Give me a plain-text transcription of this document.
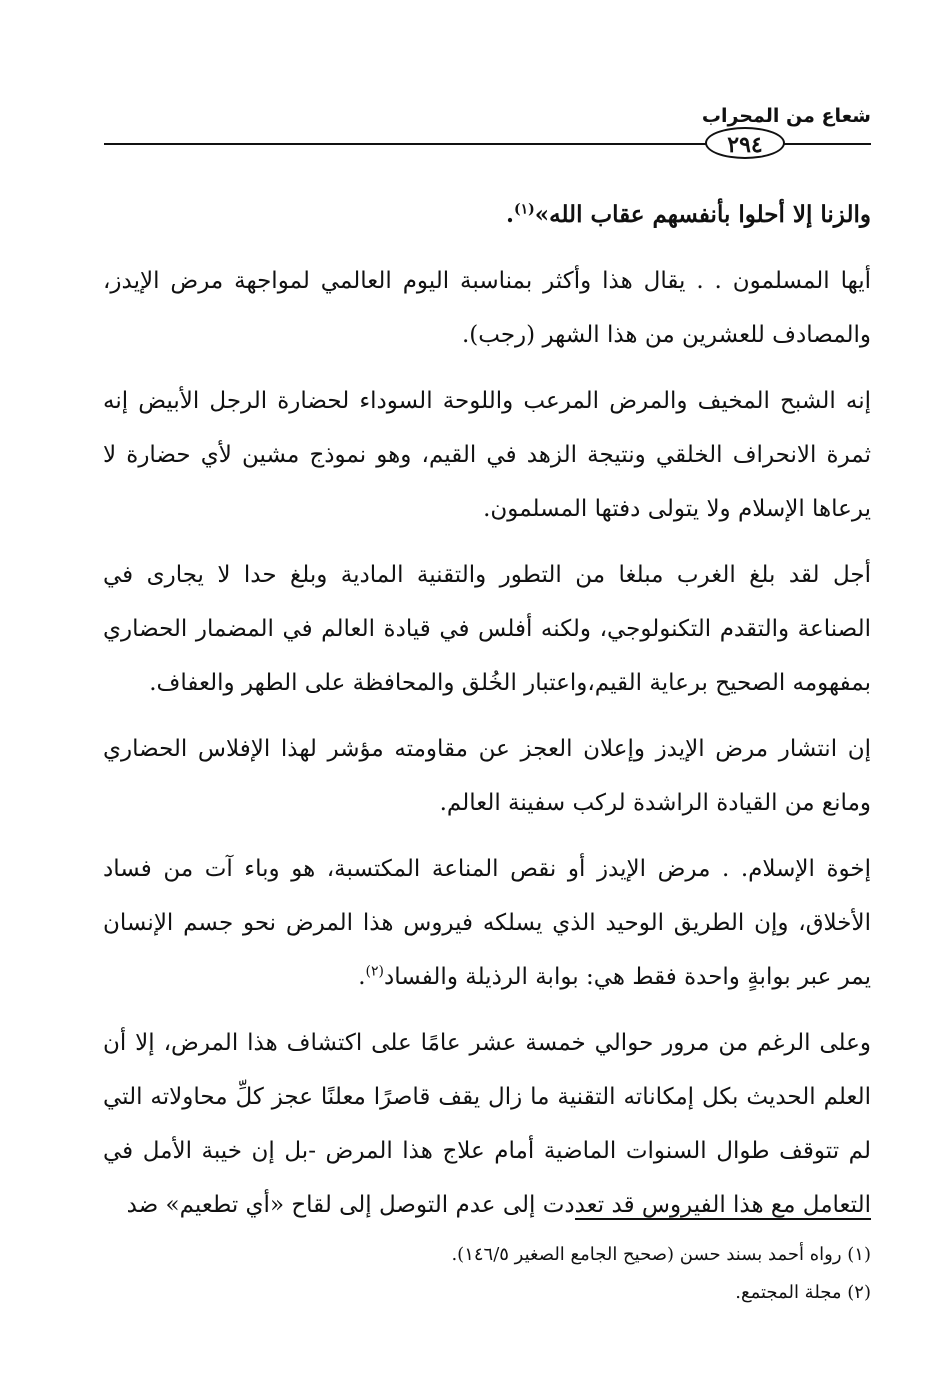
شعاع من المحراب
٢٩٤

والزنا إلا أحلوا بأنفسهم عقاب الله»$^{(١)}$.

أيها المسلمون . . يقال هذا وأكثر بمناسبة اليوم العالمي لمواجهة مرض الإيدز، والمصادف للعشرين من هذا الشهر (رجب).

إنه الشبح المخيف والمرض المرعب واللوحة السوداء لحضارة الرجل الأبيض إنه ثمرة الانحراف الخلقي ونتيجة الزهد في القيم، وهو نموذج مشين لأي حضارة لا يرعاها الإسلام ولا يتولى دفتها المسلمون.

أجل لقد بلغ الغرب مبلغا من التطور والتقنية المادية وبلغ حدا لا يجارى في الصناعة والتقدم التكنولوجي، ولكنه أفلس في قيادة العالم في المضمار الحضاري بمفهومه الصحيح برعاية القيم،واعتبار الخُلق والمحافظة على الطهر والعفاف.

إن انتشار مرض الإيدز وإعلان العجز عن مقاومته مؤشر لهذا الإفلاس الحضاري ومانع من القيادة الراشدة لركب سفينة العالم.

إخوة الإسلام. . مرض الإيدز أو نقص المناعة المكتسبة، هو وباء آت من فساد الأخلاق، وإن الطريق الوحيد الذي يسلكه فيروس هذا المرض نحو جسم الإنسان يمر عبر بوابةٍ واحدة فقط هي: بوابة الرذيلة والفساد$^{(٢)}$.

وعلى الرغم من مرور حوالي خمسة عشر عامًا على اكتشاف هذا المرض، إلا أن العلم الحديث بكل إمكاناته التقنية ما زال يقف قاصرًا معلنًا عجز كلِّ محاولاته التي لم تتوقف طوال السنوات الماضية أمام علاج هذا المرض -بل إن خيبة الأمل في التعامل مع هذا الفيروس قد تعددت إلى عدم التوصل إلى لقاح «أي تطعيم» ضد

(١) رواه أحمد بسند حسن (صحيح الجامع الصغير ١٤٦/٥).

(٢) مجلة المجتمع.
